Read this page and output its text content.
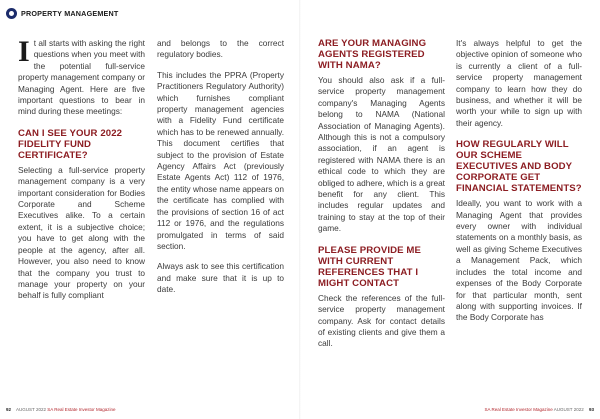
PROPERTY MANAGEMENT

It all starts with asking the right questions when you meet with the potential full-service property management company or Managing Agent. Here are five important questions to bear in mind during these meetings:

CAN I SEE YOUR 2022 FIDELITY FUND CERTIFICATE?

Selecting a full-service property management company is a very important consideration for Bodies Corporate and Scheme Executives alike. To a certain extent, it is a subjective choice; you have to get along with the people at the agency, after all. However, you also need to know that the company you trust to manage your property on your behalf is fully compliant

and belongs to the correct regulatory bodies.

This includes the PPRA (Property Practitioners Regulatory Authority) which furnishes compliant property management agencies with a Fidelity Fund certificate which has to be renewed annually. This document certifies that subject to the provision of Estate Agency Affairs Act (previously Estate Agents Act) 112 of 1976, the entity whose name appears on the certificate has complied with the provisions of section 16 of act 112 or 1976, and the regulations promulgated in terms of said section.

Always ask to see this certification and make sure that it is up to date.

ARE YOUR MANAGING AGENTS REGISTERED WITH NAMA?

You should also ask if a full-service property management company's Managing Agents belong to NAMA (National Association of Managing Agents). Although this is not a compulsory association, if an agent is registered with NAMA there is an ethical code to which they are obliged to adhere, which is a great benefit for any client. This includes regular updates and training to stay at the top of their game.

PLEASE PROVIDE ME WITH CURRENT REFERENCES THAT I MIGHT CONTACT

Check the references of the full-service property management company. Ask for contact details of existing clients and give them a call.

It's always helpful to get the objective opinion of someone who is currently a client of a full-service property management company to learn how they do business, and whether it will be worth your while to sign up with their agency.

HOW REGULARLY WILL OUR SCHEME EXECUTIVES AND BODY CORPORATE GET FINANCIAL STATEMENTS?

Ideally, you want to work with a Managing Agent that provides every owner with individual statements on a monthly basis, as well as giving Scheme Executives a Management Pack, which includes the total income and expenses of the Body Corporate for that particular month, sent along with supporting invoices. If the Body Corporate has

92 AUGUST 2022 SA Real Estate Investor Magazine	SA Real Estate Investor Magazine AUGUST 2022 93
